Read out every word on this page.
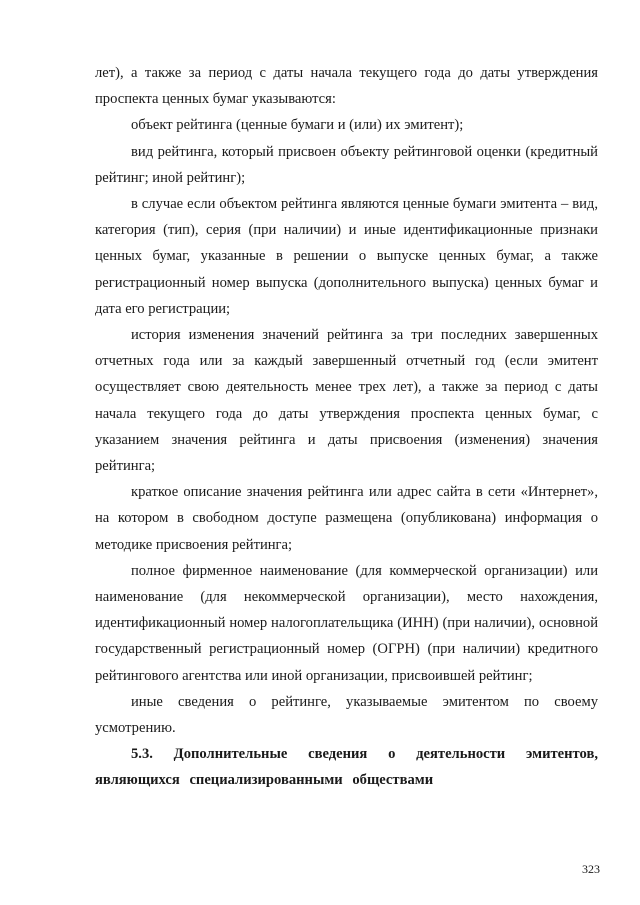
лет), а также за период с даты начала текущего года до даты утверждения проспекта ценных бумаг указываются:

объект рейтинга (ценные бумаги и (или) их эмитент);

вид рейтинга, который присвоен объекту рейтинговой оценки (кредитный рейтинг; иной рейтинг);

в случае если объектом рейтинга являются ценные бумаги эмитента – вид, категория (тип), серия (при наличии) и иные идентификационные признаки ценных бумаг, указанные в решении о выпуске ценных бумаг, а также регистрационный номер выпуска (дополнительного выпуска) ценных бумаг и дата его регистрации;

история изменения значений рейтинга за три последних завершенных отчетных года или за каждый завершенный отчетный год (если эмитент осуществляет свою деятельность менее трех лет), а также за период с даты начала текущего года до даты утверждения проспекта ценных бумаг, с указанием значения рейтинга и даты присвоения (изменения) значения рейтинга;

краткое описание значения рейтинга или адрес сайта в сети «Интернет», на котором в свободном доступе размещена (опубликована) информация о методике присвоения рейтинга;

полное фирменное наименование (для коммерческой организации) или наименование (для некоммерческой организации), место нахождения, идентификационный номер налогоплательщика (ИНН) (при наличии), основной государственный регистрационный номер (ОГРН) (при наличии) кредитного рейтингового агентства или иной организации, присвоившей рейтинг;

иные сведения о рейтинге, указываемые эмитентом по своему усмотрению.

5.3. Дополнительные сведения о деятельности эмитентов, являющихся специализированными обществами

323
